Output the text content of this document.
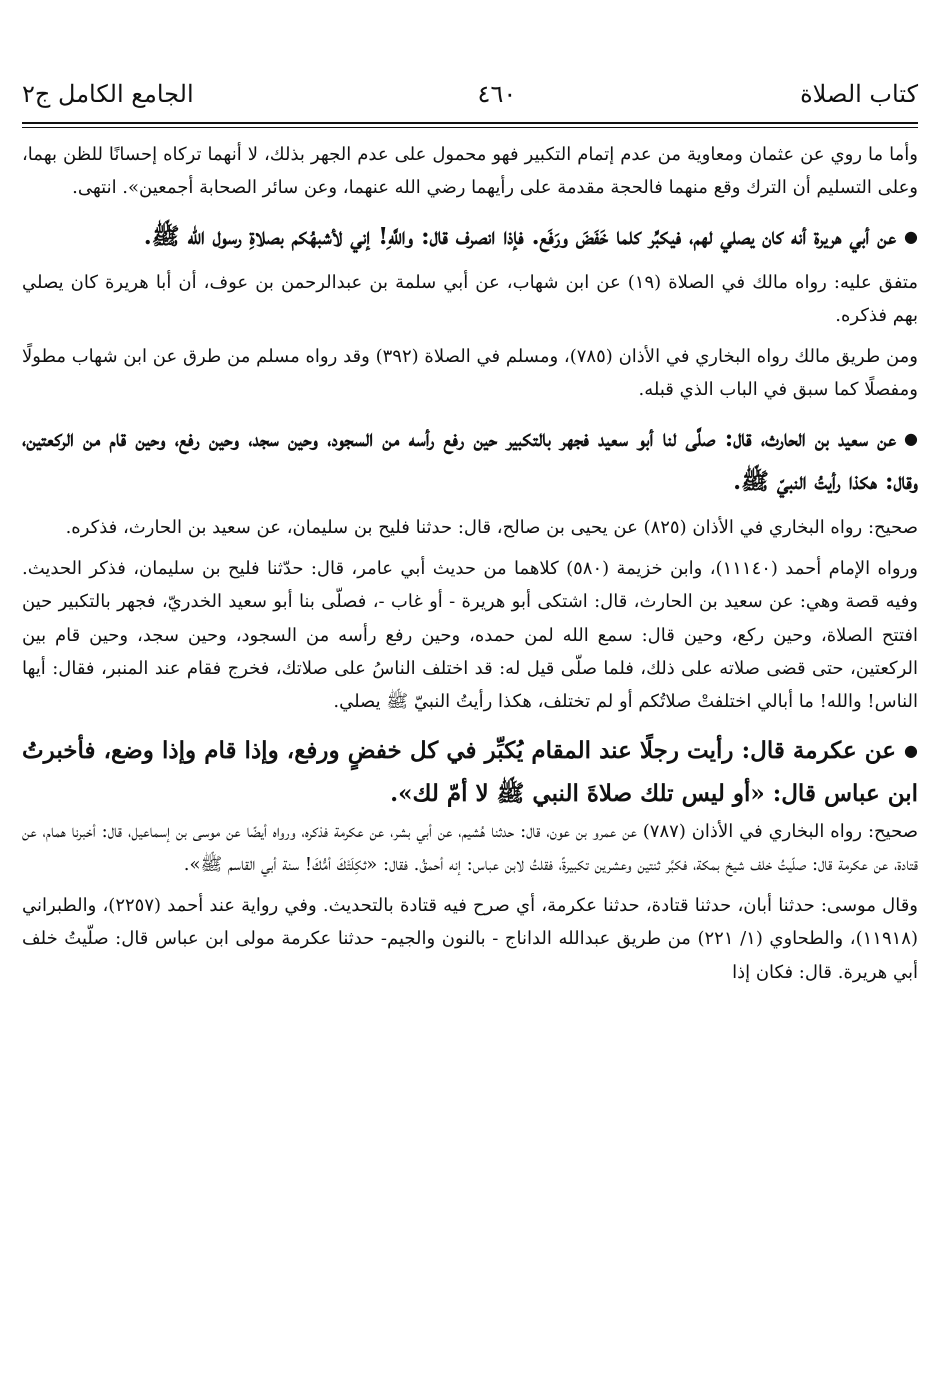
كتاب الصلاة
٤٦٠
الجامع الكامل ج٢
وأما ما روي عن عثمان ومعاوية من عدم إتمام التكبير فهو محمول على عدم الجهر بذلك، لا أنهما تركاه إحسانًا للظن بهما، وعلى التسليم أن الترك وقع منهما فالحجة مقدمة على رأيهما رضي الله عنهما، وعن سائر الصحابة أجمعين». انتهى.
●عن أبي هريرة أنه كان يصلي لهم، فيكبِّر كلما خَفَضَ ورَفَع. فإذا انصرف قال: واللَّهِ! إني لأشبهُكم بصلاةِ رسول الله ﷺ.
متفق عليه: رواه مالك في الصلاة (١٩) عن ابن شهاب، عن أبي سلمة بن عبدالرحمن بن عوف، أن أبا هريرة كان يصلي بهم فذكره.
ومن طريق مالك رواه البخاري في الأذان (٧٨٥)، ومسلم في الصلاة (٣٩٢) وقد رواه مسلم من طرق عن ابن شهاب مطولًا ومفصلًا كما سبق في الباب الذي قبله.
●عن سعيد بن الحارث، قال: صلَّى لنا أبو سعيد فجهر بالتكبير حين رفع رأسه من السجود، وحين سجد، وحين رفع، وحين قام من الركعتين، وقال: هكذا رأيتُ النبيّ ﷺ.
صحيح: رواه البخاري في الأذان (٨٢٥) عن يحيى بن صالح، قال: حدثنا فليح بن سليمان، عن سعيد بن الحارث، فذكره.
ورواه الإمام أحمد (١١١٤٠)، وابن خزيمة (٥٨٠) كلاهما من حديث أبي عامر، قال: حدّثنا فليح بن سليمان، فذكر الحديث. وفيه قصة وهي: عن سعيد بن الحارث، قال: اشتكى أبو هريرة - أو غاب -، فصلّى بنا أبو سعيد الخدريّ، فجهر بالتكبير حين افتتح الصلاة، وحين ركع، وحين قال: سمع الله لمن حمده، وحين رفع رأسه من السجود، وحين سجد، وحين قام بين الركعتين، حتى قضى صلاته على ذلك، فلما صلّى قيل له: قد اختلف الناسُ على صلاتك، فخرج فقام عند المنبر، فقال: أيها الناس! والله! ما أبالي اختلفتْ صلاتُكم أو لم تختلف، هكذا رأيتُ النبيّ ﷺ يصلي.
●عن عكرمة قال: رأيت رجلًا عند المقام يُكبِّر في كل خفضٍ ورفع، وإذا قام وإذا وضع، فأخبرتُ ابن عباس قال: «أو ليس تلك صلاةَ النبي ﷺ لا أمّ لك».
صحيح: رواه البخاري في الأذان (٧٨٧) عن عمرو بن عون، قال: حدثنا هُشيم، عن أبي بشر، عن عكرمة فذكره، ورواه أيضًا عن موسى بن إسماعيل، قال: أخبرنا همام، عن قتادة، عن عكرمة قال: صلّيتُ خلف شيخ بمكة، فكبَّر ثنتين وعشرين تكبيرةً، فقلتُ لابن عباس: إنه أحمقُ. فقال: «ثكِلَتْكَ أمُّكَ! سنة أبي القاسم ﷺ».
وقال موسى: حدثنا أبان، حدثنا قتادة، حدثنا عكرمة، أي صرح فيه قتادة بالتحديث. وفي رواية عند أحمد (٢٢٥٧)، والطبراني (١١٩١٨)، والطحاوي (١/ ٢٢١) من طريق عبدالله الداناج - بالنون والجيم- حدثنا عكرمة مولى ابن عباس قال: صلّيتُ خلف أبي هريرة. قال: فكان إذا
